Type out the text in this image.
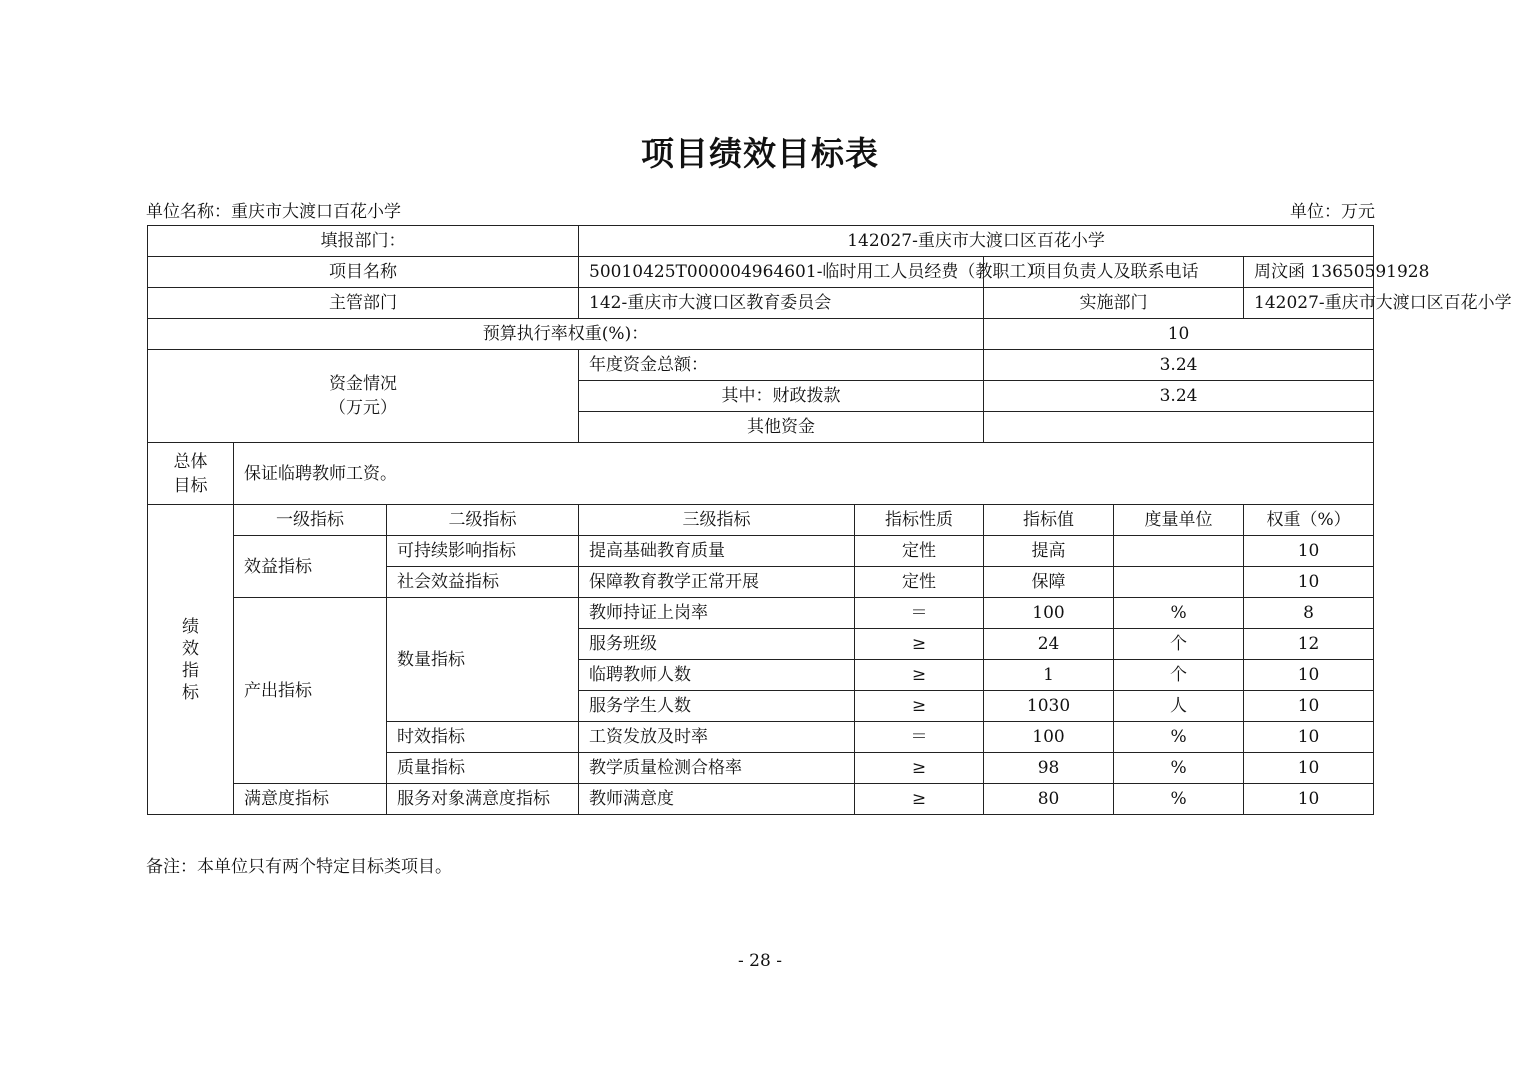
项目绩效目标表
单位名称：重庆市大渡口百花小学	单位：万元
填报部门：			142027-重庆市大渡口区百花小学				
项目名称			50010425T000004964601-临时用工人员经费（教职工）		项目负责人及联系电话		周汶函 13650591928
主管部门			142-重庆市大渡口区教育委员会		实施部门		142027-重庆市大渡口区百花小学
预算执行率权重(%)：					10		

资金情况
（万元）			年度资金总额：		3.24		
			其中：财政拨款		3.24		
			其他资金				

总体
目标	保证临聘教师工资。						

绩
效
指
标	一级指标	二级指标	三级指标	指标性质	指标值	度量单位	权重（%）
	效益指标	可持续影响指标	提高基础教育质量	定性	提高		10
		社会效益指标	保障教育教学正常开展	定性	保障		10
	产出指标	数量指标	教师持证上岗率	＝	100	%	8
			服务班级	≥	24	个	12
			临聘教师人数	≥	1	个	10
			服务学生人数	≥	1030	人	10
		时效指标	工资发放及时率	＝	100	%	10
		质量指标	教学质量检测合格率	≥	98	%	10
	满意度指标	服务对象满意度指标	教师满意度	≥	80	%	10
备注：本单位只有两个特定目标类项目。
- 28 -
